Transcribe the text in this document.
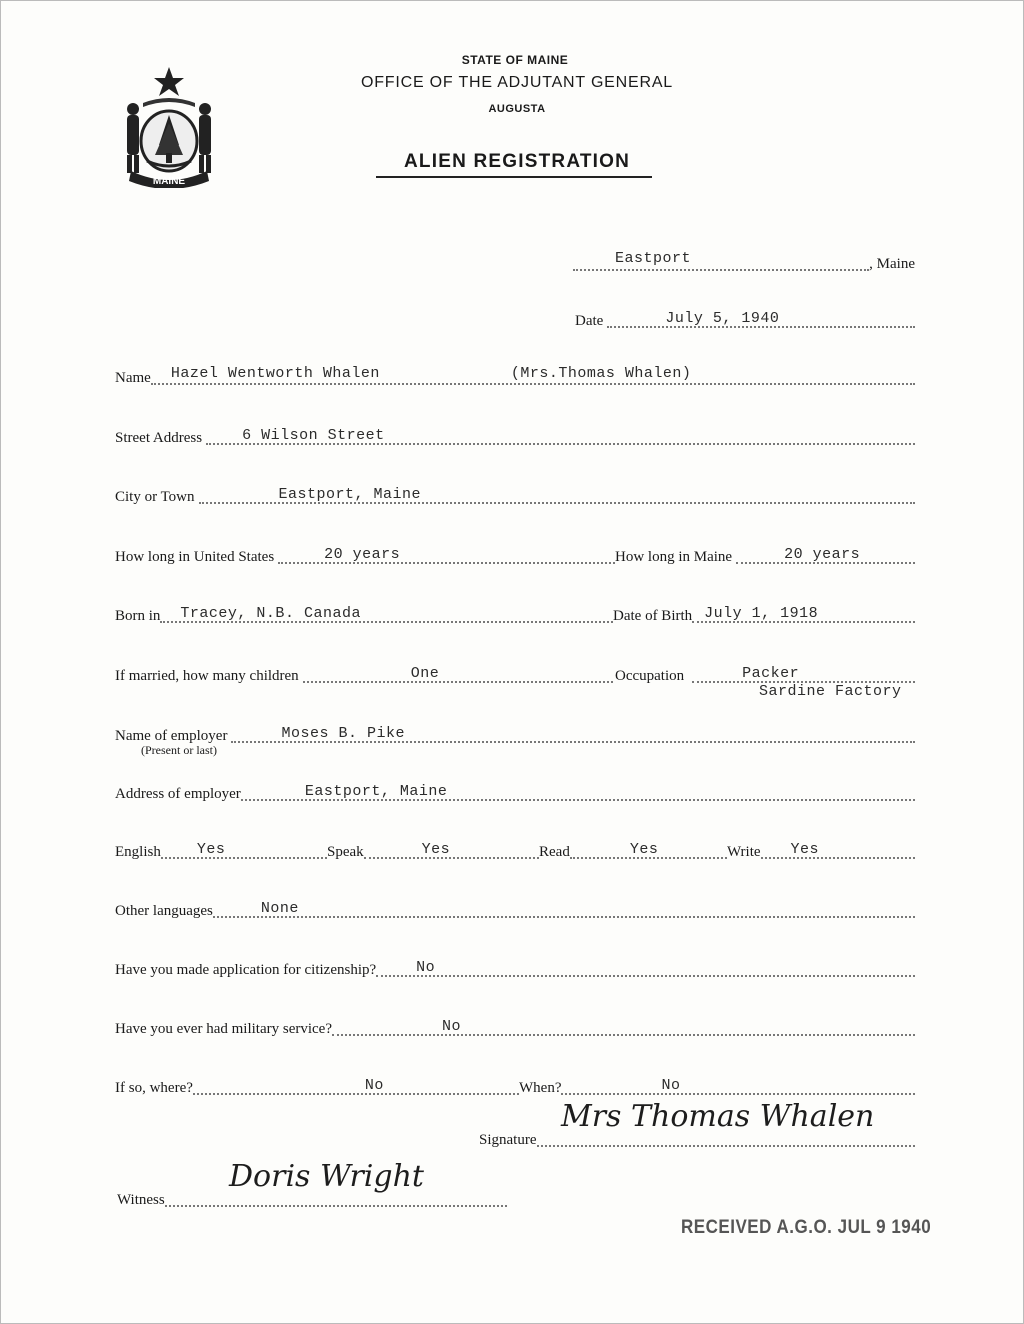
MAINE
STATE OF MAINE
OFFICE OF THE ADJUTANT GENERAL
AUGUSTA
ALIEN REGISTRATION
Eastport	, Maine
Date	July 5, 1940
Name Hazel Wentworth Whalen	(Mrs.Thomas Whalen)
Street Address	6 Wilson Street
City or Town	Eastport, Maine
How long in United States	20 years	How long in Maine	20 years
Born in Tracey, N.B. Canada	Date of Birth July 1, 1918
If married, how many children	One	Occupation	Packer
Sardine Factory
Name of employer	Moses B. Pike
(Present or last)
Address of employer	Eastport, Maine
English Yes	Speak	Yes	Read	Yes	Write Yes
Other languages	None
Have you made application for citizenship?	No
Have you ever had military service?	No
If so, where?	No	When?	No
Signature
Mrs Thomas Whalen
Witness
Doris Wright
RECEIVED A.G.O. JUL 9 1940
